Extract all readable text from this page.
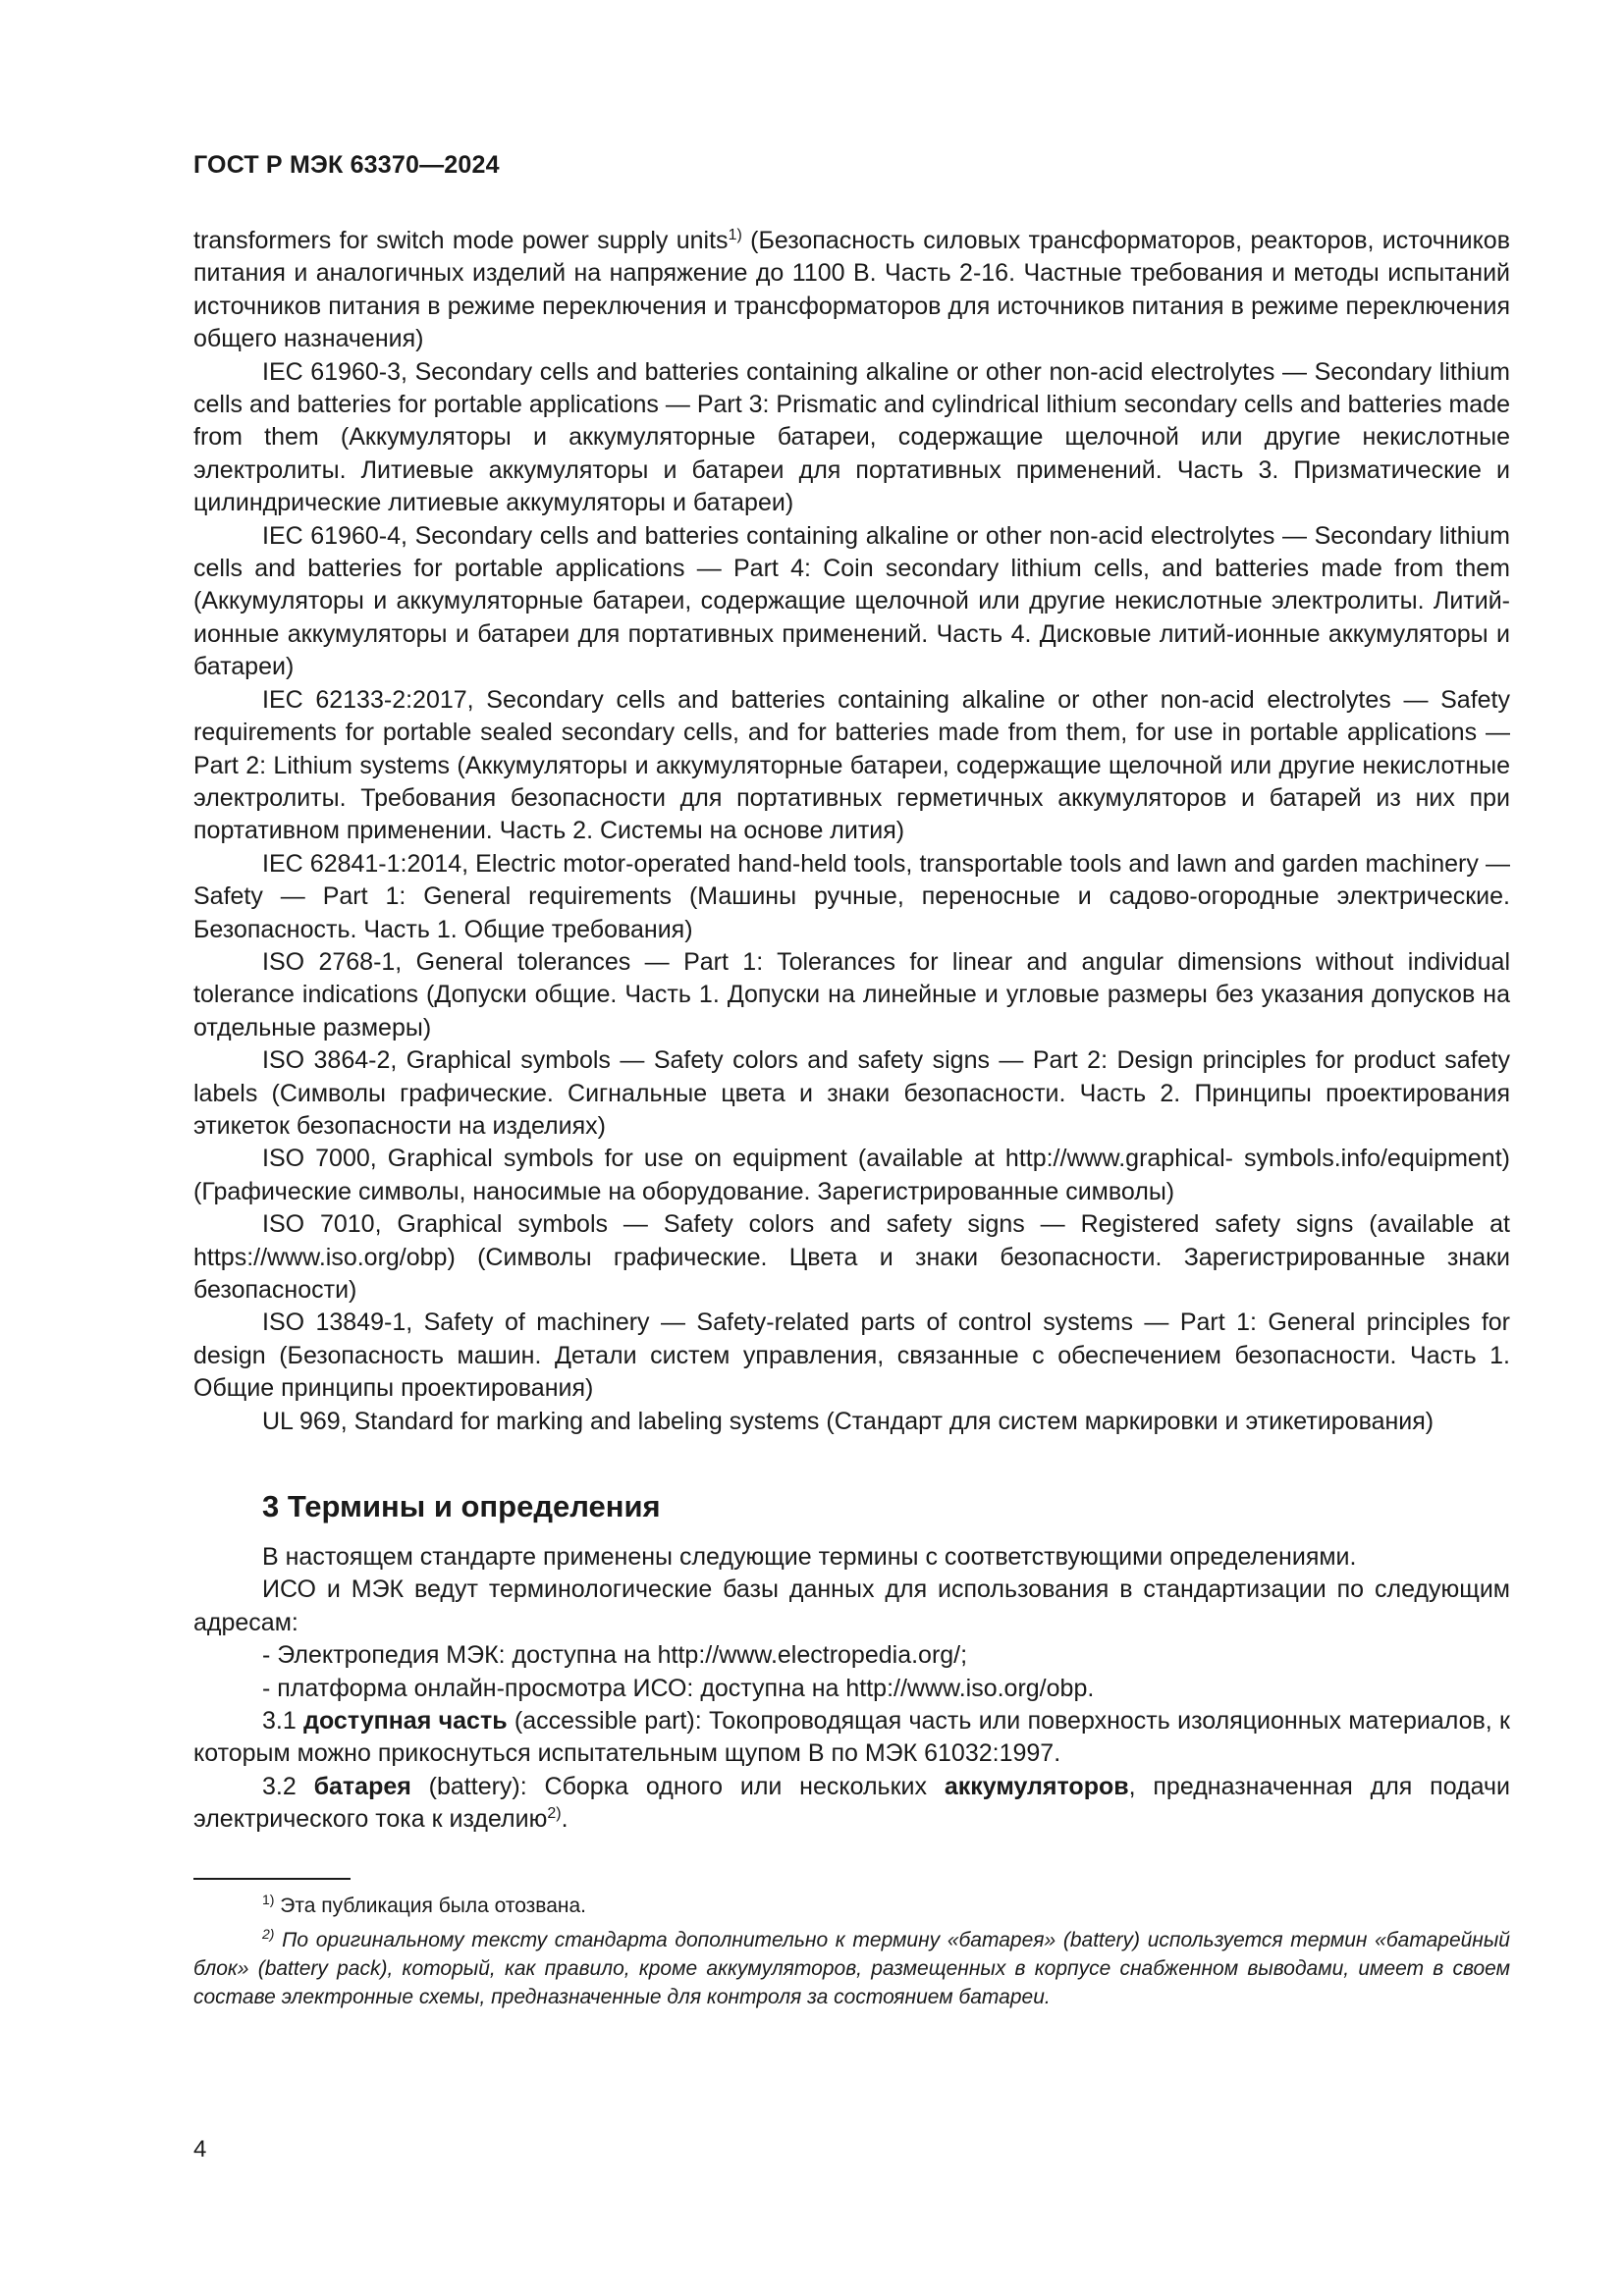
ГОСТ Р МЭК 63370—2024

transformers for switch mode power supply units$^{1)}$ (Безопасность силовых трансформаторов, реакторов, источников питания и аналогичных изделий на напряжение до 1100 В. Часть 2-16. Частные требования и методы испытаний источников питания в режиме переключения и трансформаторов для источников питания в режиме переключения общего назначения)

IEC 61960-3, Secondary cells and batteries containing alkaline or other non-acid electrolytes — Secondary lithium cells and batteries for portable applications — Part 3: Prismatic and cylindrical lithium secondary cells and batteries made from them (Аккумуляторы и аккумуляторные батареи, содержащие щелочной или другие некислотные электролиты. Литиевые аккумуляторы и батареи для портативных применений. Часть 3. Призматические и цилиндрические литиевые аккумуляторы и батареи)

IEC 61960-4, Secondary cells and batteries containing alkaline or other non-acid electrolytes — Secondary lithium cells and batteries for portable applications — Part 4: Coin secondary lithium cells, and batteries made from them (Аккумуляторы и аккумуляторные батареи, содержащие щелочной или другие некислотные электролиты. Литий-ионные аккумуляторы и батареи для портативных применений. Часть 4. Дисковые литий-ионные аккумуляторы и батареи)

IEC 62133-2:2017, Secondary cells and batteries containing alkaline or other non-acid electrolytes — Safety requirements for portable sealed secondary cells, and for batteries made from them, for use in portable applications — Part 2: Lithium systems (Аккумуляторы и аккумуляторные батареи, содержащие щелочной или другие некислотные электролиты. Требования безопасности для портативных герметичных аккумуляторов и батарей из них при портативном применении. Часть 2. Системы на основе лития)

IEC 62841-1:2014, Electric motor-operated hand-held tools, transportable tools and lawn and garden machinery — Safety — Part 1: General requirements (Машины ручные, переносные и садово-огородные электрические. Безопасность. Часть 1. Общие требования)

ISO 2768-1, General tolerances — Part 1: Tolerances for linear and angular dimensions without individual tolerance indications (Допуски общие. Часть 1. Допуски на линейные и угловые размеры без указания допусков на отдельные размеры)

ISO 3864-2, Graphical symbols — Safety colors and safety signs — Part 2: Design principles for product safety labels (Символы графические. Сигнальные цвета и знаки безопасности. Часть 2. Принципы проектирования этикеток безопасности на изделиях)

ISO 7000, Graphical symbols for use on equipment (available at http://www.graphical- symbols.info/equipment) (Графические символы, наносимые на оборудование. Зарегистрированные символы)

ISO 7010, Graphical symbols — Safety colors and safety signs — Registered safety signs (available at https://www.iso.org/obp) (Символы графические. Цвета и знаки безопасности. Зарегистрированные знаки безопасности)

ISO 13849-1, Safety of machinery — Safety-related parts of control systems — Part 1: General principles for design (Безопасность машин. Детали систем управления, связанные с обеспечением безопасности. Часть 1. Общие принципы проектирования)

UL 969, Standard for marking and labeling systems (Стандарт для систем маркировки и этикетирования)

3 Термины и определения

В настоящем стандарте применены следующие термины с соответствующими определениями.

ИСО и МЭК ведут терминологические базы данных для использования в стандартизации по следующим адресам:

- Электропедия МЭК: доступна на http://www.electropedia.org/;

- платформа онлайн-просмотра ИСО: доступна на http://www.iso.org/obp.

3.1 доступная часть (accessible part): Токопроводящая часть или поверхность изоляционных материалов, к которым можно прикоснуться испытательным щупом В по МЭК 61032:1997.

3.2 батарея (battery): Сборка одного или нескольких аккумуляторов, предназначенная для подачи электрического тока к изделию$^{2)}$.

$^{1)}$ Эта публикация была отозвана.

$^{2)}$ По оригинальному тексту стандарта дополнительно к термину «батарея» (battery) используется термин «батарейный блок» (battery pack), который, как правило, кроме аккумуляторов, размещенных в корпусе снабженном выводами, имеет в своем составе электронные схемы, предназначенные для контроля за состоянием батареи.

4
